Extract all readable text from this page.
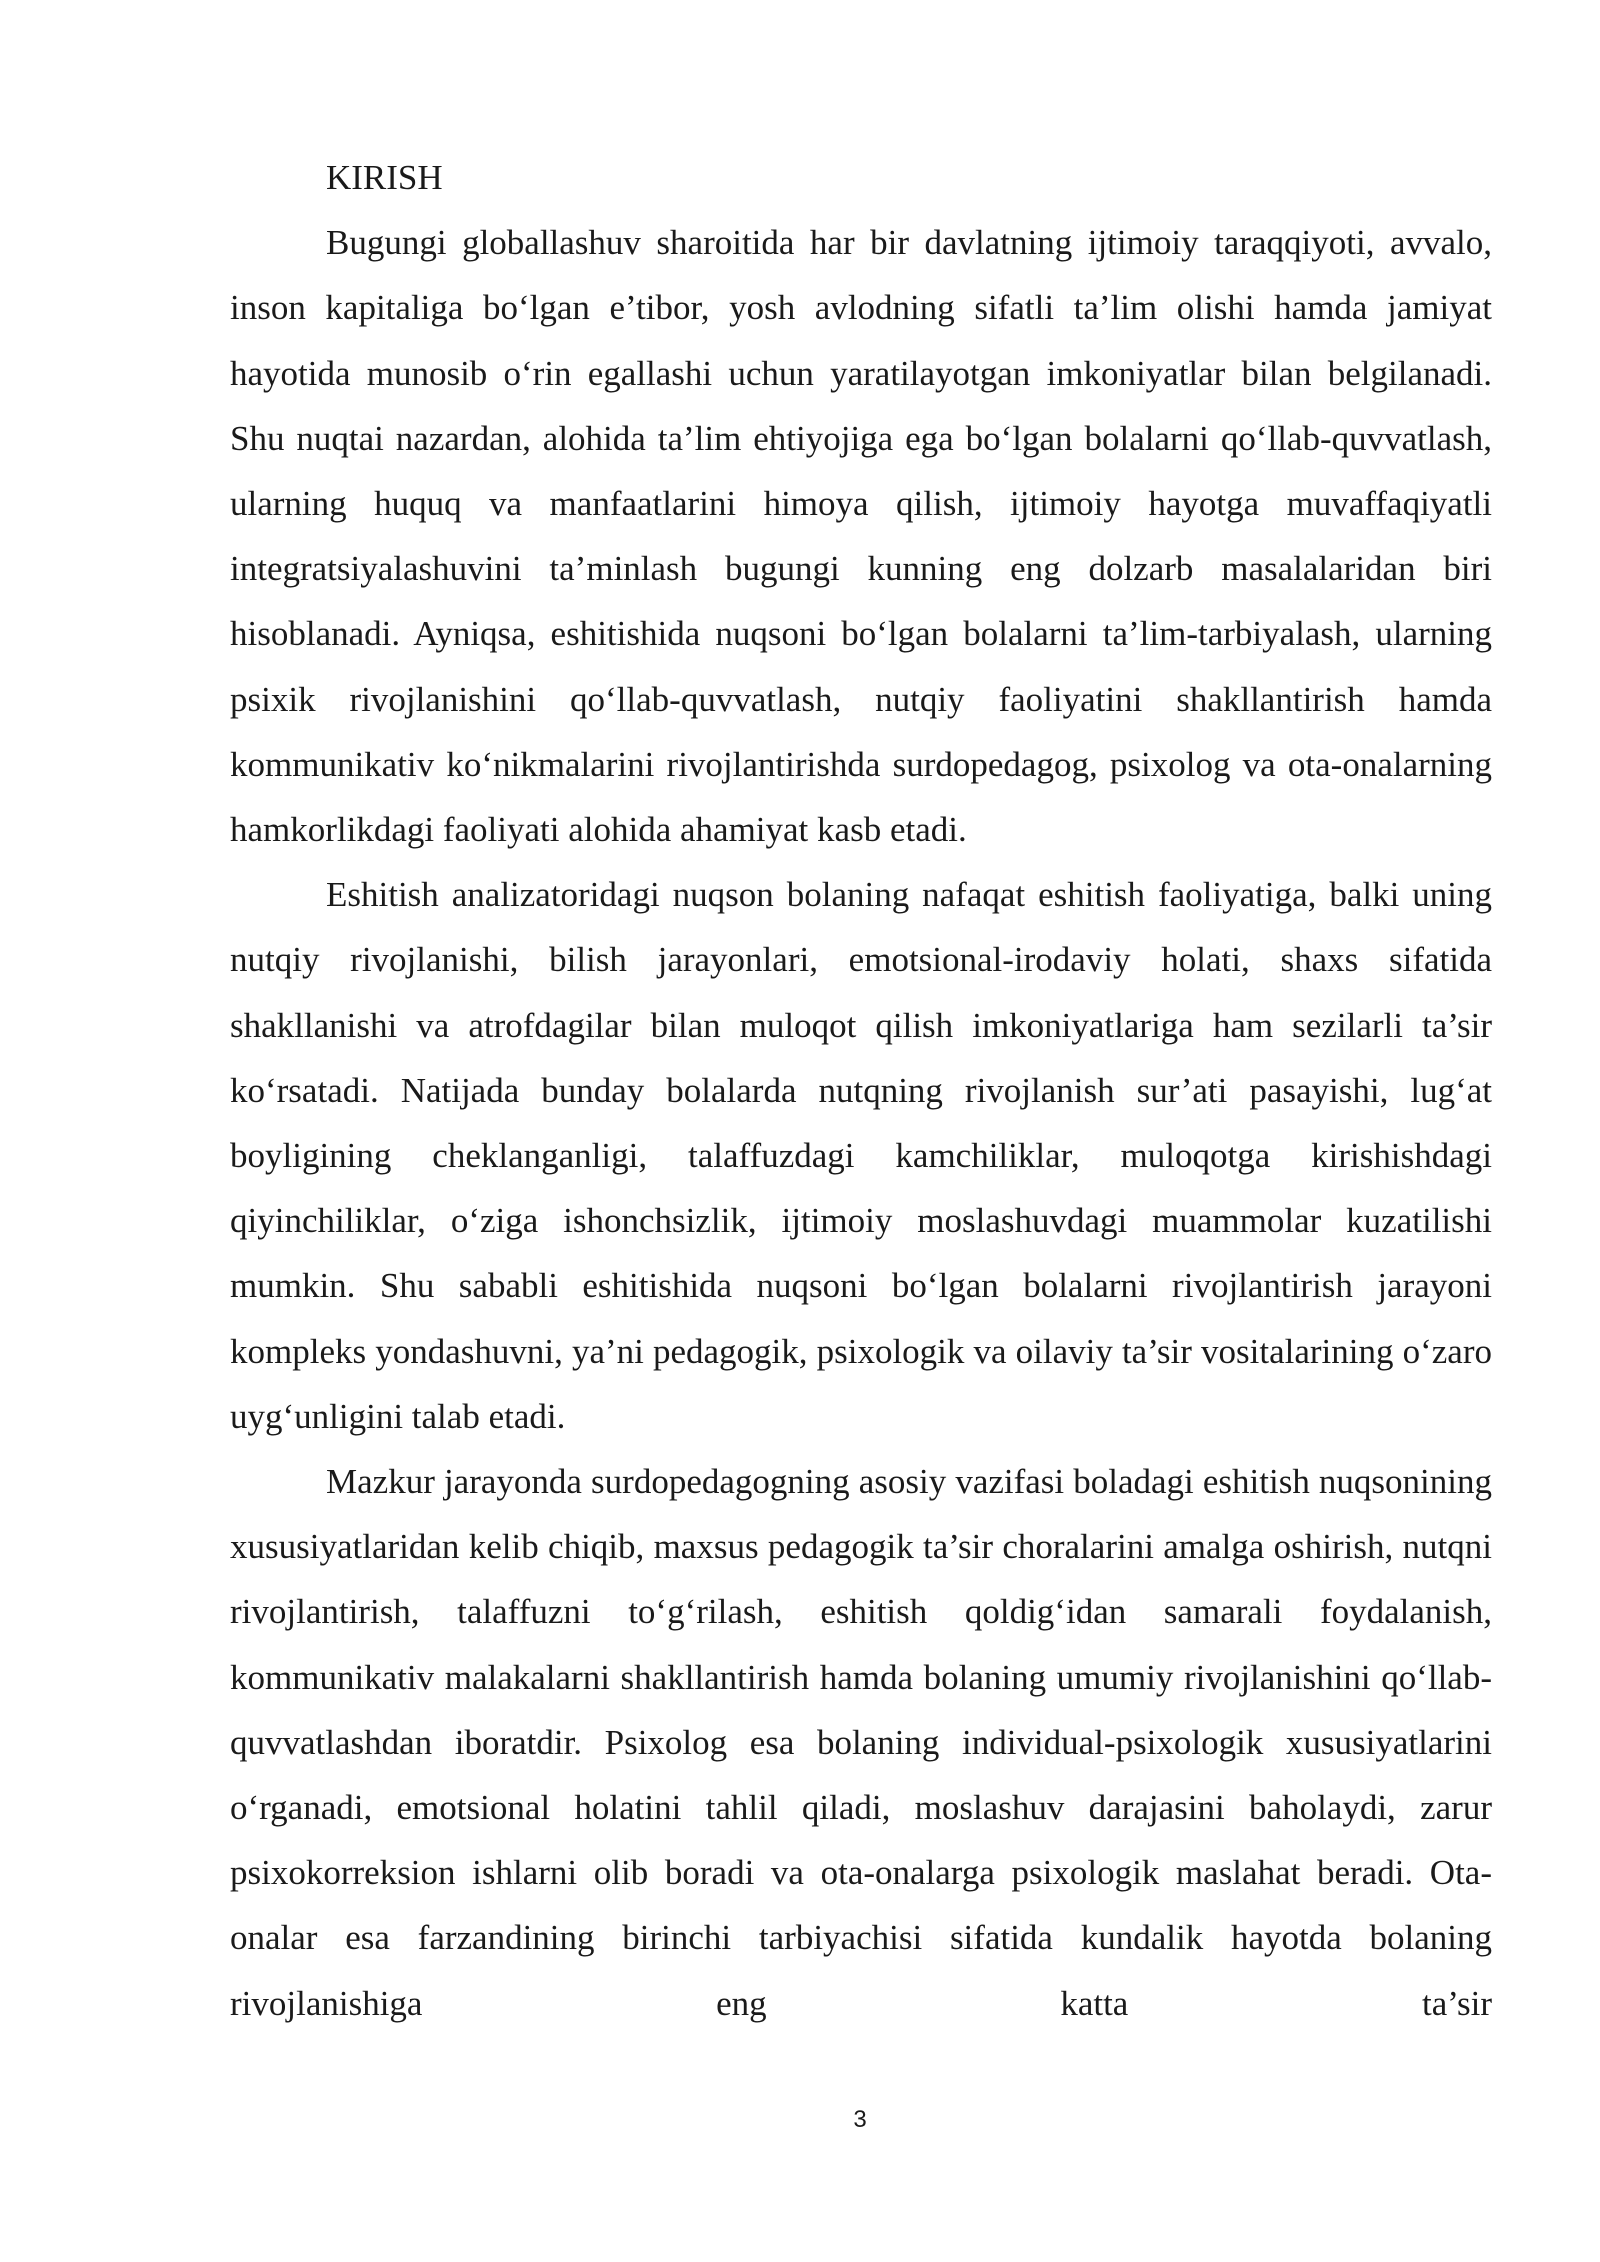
KIRISH

Bugungi globallashuv sharoitida har bir davlatning ijtimoiy taraqqiyoti, avvalo, inson kapitaliga bo‘lgan e’tibor, yosh avlodning sifatli ta’lim olishi hamda jamiyat hayotida munosib o‘rin egallashi uchun yaratilayotgan imkoniyatlar bilan belgilanadi. Shu nuqtai nazardan, alohida ta’lim ehtiyojiga ega bo‘lgan bolalarni qo‘llab-quvvatlash, ularning huquq va manfaatlarini himoya qilish, ijtimoiy hayotga muvaffaqiyatli integratsiyalashuvini ta’minlash bugungi kunning eng dolzarb masalalaridan biri hisoblanadi. Ayniqsa, eshitishida nuqsoni bo‘lgan bolalarni ta’lim-tarbiyalash, ularning psixik rivojlanishini qo‘llab-quvvatlash, nutqiy faoliyatini shakllantirish hamda kommunikativ ko‘nikmalarini rivojlantirishda surdopedagog, psixolog va ota-onalarning hamkorlikdagi faoliyati alohida ahamiyat kasb etadi.

Eshitish analizatoridagi nuqson bolaning nafaqat eshitish faoliyatiga, balki uning nutqiy rivojlanishi, bilish jarayonlari, emotsional-irodaviy holati, shaxs sifatida shakllanishi va atrofdagilar bilan muloqot qilish imkoniyatlariga ham sezilarli ta’sir ko‘rsatadi. Natijada bunday bolalarda nutqning rivojlanish sur’ati pasayishi, lug‘at boyligining cheklanganligi, talaffuzdagi kamchiliklar, muloqotga kirishishdagi qiyinchiliklar, o‘ziga ishonchsizlik, ijtimoiy moslashuvdagi muammolar kuzatilishi mumkin. Shu sababli eshitishida nuqsoni bo‘lgan bolalarni rivojlantirish jarayoni kompleks yondashuvni, ya’ni pedagogik, psixologik va oilaviy ta’sir vositalarining o‘zaro uyg‘unligini talab etadi.

Mazkur jarayonda surdopedagogning asosiy vazifasi boladagi eshitish nuqsonining xususiyatlaridan kelib chiqib, maxsus pedagogik ta’sir choralarini amalga oshirish, nutqni rivojlantirish, talaffuzni to‘g‘rilash, eshitish qoldig‘idan samarali foydalanish, kommunikativ malakalarni shakllantirish hamda bolaning umumiy rivojlanishini qo‘llab-quvvatlashdan iboratdir. Psixolog esa bolaning individual-psixologik xususiyatlarini o‘rganadi, emotsional holatini tahlil qiladi, moslashuv darajasini baholaydi, zarur psixokorreksion ishlarni olib boradi va ota-onalarga psixologik maslahat beradi. Ota-onalar esa farzandining birinchi tarbiyachisi sifatida kundalik hayotda bolaning rivojlanishiga eng katta ta’sir

3
